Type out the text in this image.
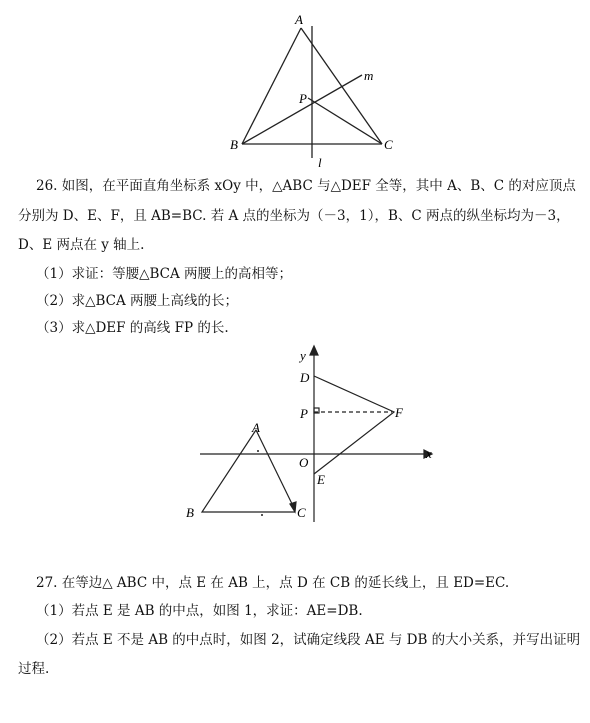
A
B	C
P
m
l
26. 如图，在平面直角坐标系 xOy 中，△ABC 与△DEF 全等，其中 A、B、C 的对应顶点
分别为 D、E、F，且 AB=BC. 若 A 点的坐标为（－3，1），B、C 两点的纵坐标均为－3，
D、E 两点在 y 轴上.
（1）求证：等腰△BCA 两腰上的高相等；
（2）求△BCA 两腰上高线的长；
（3）求△DEF 的高线 FP 的长.
y
x
D
P	F
O
E
A
B	C
27. 在等边△ ABC 中，点 E 在 AB 上，点 D 在 CB 的延长线上，且 ED=EC.
（1）若点 E 是 AB 的中点，如图 1，求证：AE=DB.
（2）若点 E 不是 AB 的中点时，如图 2，试确定线段 AE 与 DB 的大小关系，并写出证明
过程.
